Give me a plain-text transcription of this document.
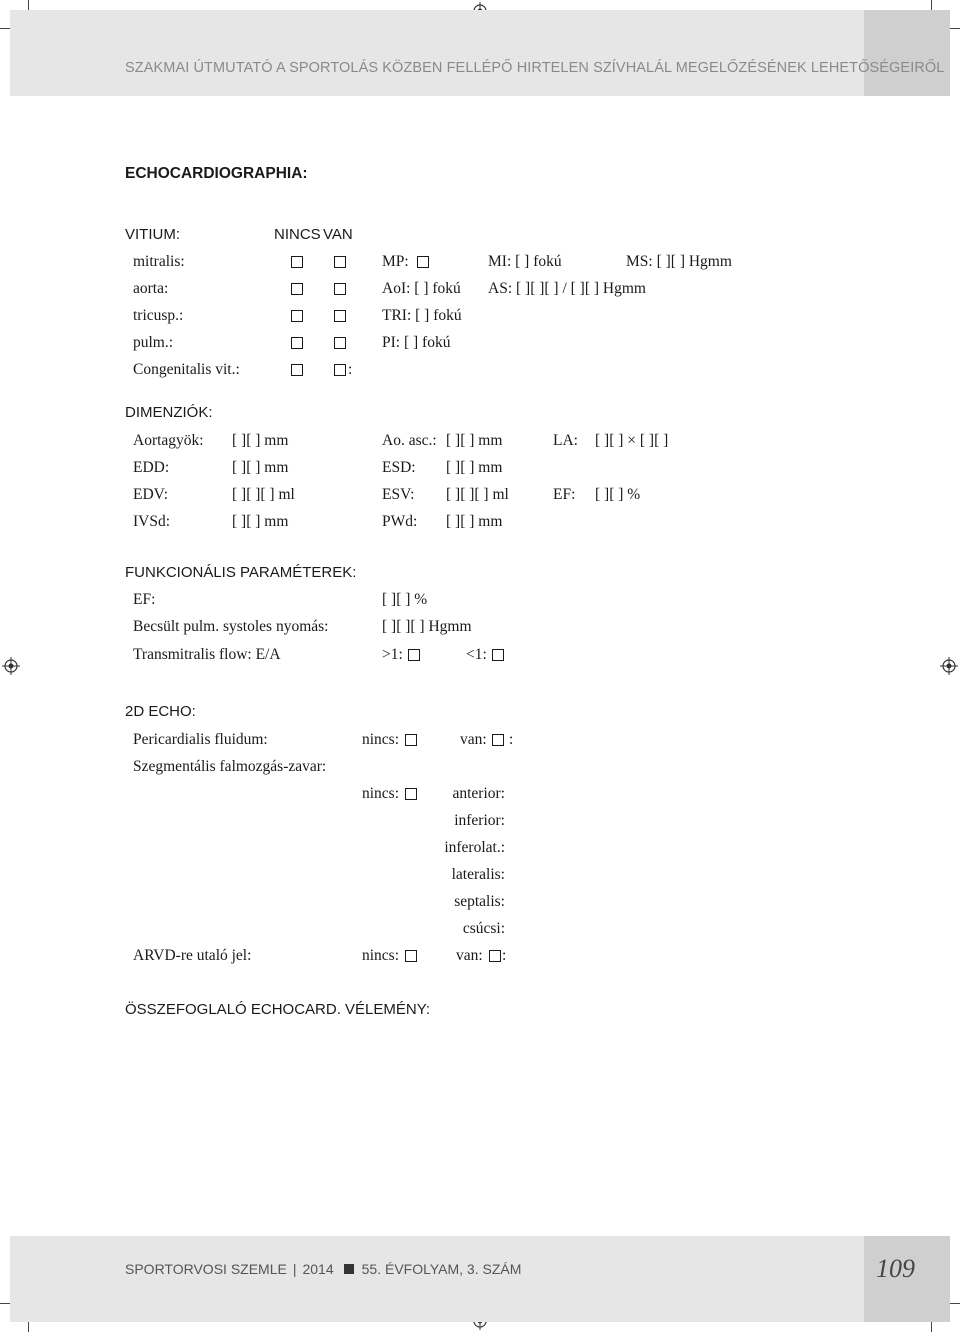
SZAKMAI ÚTMUTATÓ A SPORTOLÁS KÖZBEN FELLÉPŐ HIRTELEN SZÍVHALÁL MEGELŐZÉSÉNEK LEHETŐSÉGEIRŐL
ECHOCARDIOGRAPHIA:
VITIUM:	NINCS VAN
mitralis:	MP:	MI: [ ] fokú	MS: [ ][ ] Hgmm
aorta:	AoI: [ ] fokú AS: [ ][ ][ ] / [ ][ ] Hgmm
tricusp.:	TRI: [ ] fokú
pulm.:	PI: [ ] fokú
Congenitalis vit.:	:
DIMENZIÓK:
Aortagyök: [ ][ ] mm	Ao. asc.: [ ][ ] mm	LA: [ ][ ] × [ ][ ]
EDD:	[ ][ ] mm	ESD: [ ][ ] mm
EDV:	[ ][ ][ ] ml	ESV: [ ][ ][ ] ml	EF: [ ][ ] %
IVSd:	[ ][ ] mm	PWd: [ ][ ] mm
FUNKCIONÁLIS PARAMÉTEREK:
EF:	[ ][ ] %
Becsült pulm. systoles nyomás:	[ ][ ][ ] Hgmm
Transmitralis flow: E/A	>1:	<1:
2D ECHO:
Pericardialis fluidum:	nincs:	van: :
Szegmentális falmozgás-zavar:
nincs:	anterior:
inferior:
inferolat.:
lateralis:
septalis:
csúcsi:
ARVD-re utaló jel:	nincs:	van: :
ÖSSZEFOGLALÓ ECHOCARD. VÉLEMÉNY:
SPORTORVOSI SZEMLE | 2014 55. ÉVFOLYAM, 3. SZÁM	109
